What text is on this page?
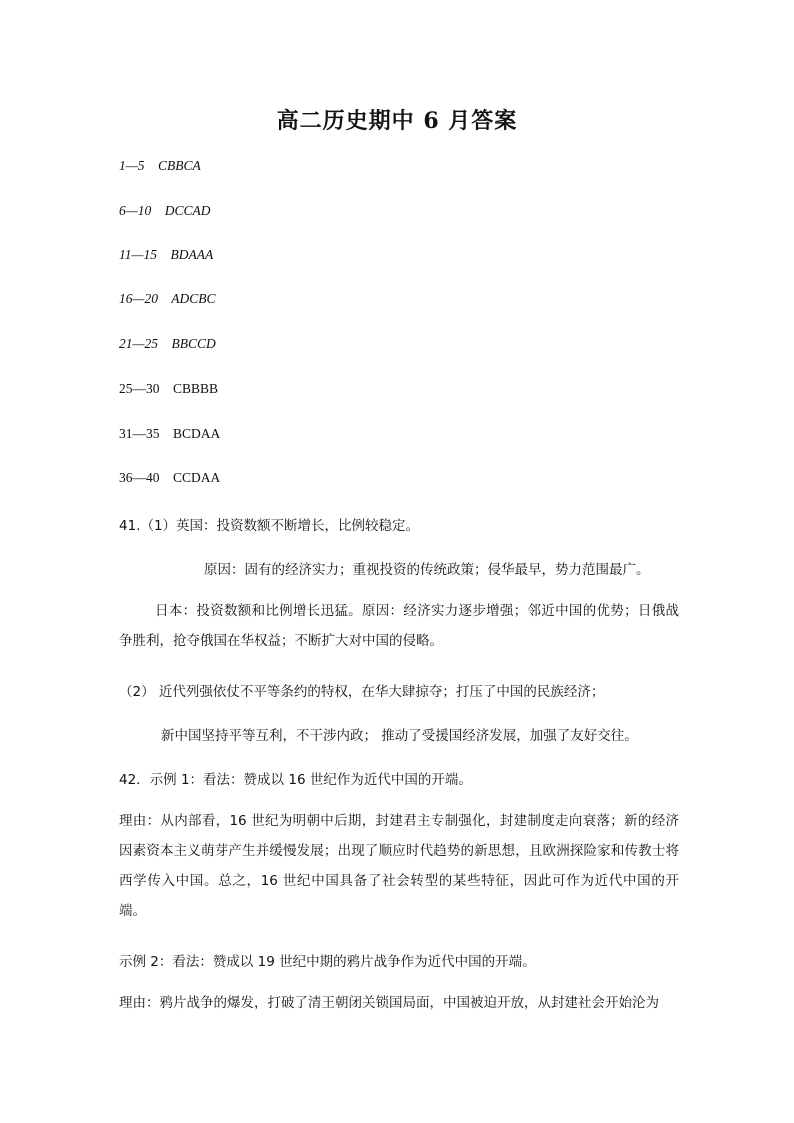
高二历史期中 6 月答案
1—5    CBBCA
6—10    DCCAD
11—15    BDAAA
16—20    ADCBC
21—25    BBCCD
25—30    CBBBB
31—35    BCDAA
36—40    CCDAA
41.（1）英国：投资数额不断增长，比例较稳定。
原因：固有的经济实力；重视投资的传统政策；侵华最早，势力范围最广。
日本：投资数额和比例增长迅猛。原因：经济实力逐步增强；邻近中国的优势；日俄战争胜利，抢夺俄国在华权益；不断扩大对中国的侵略。
（2） 近代列强依仗不平等条约的特权，在华大肆掠夺；打压了中国的民族经济；
新中国坚持平等互利，不干涉内政； 推动了受援国经济发展，加强了友好交往。
42．示例 1：看法：赞成以 16 世纪作为近代中国的开端。
理由：从内部看，16 世纪为明朝中后期，封建君主专制强化，封建制度走向衰落；新的经济因素资本主义萌芽产生并缓慢发展；出现了顺应时代趋势的新思想，且欧洲探险家和传教士将西学传入中国。总之，16 世纪中国具备了社会转型的某些特征，因此可作为近代中国的开端。
示例 2：看法：赞成以 19 世纪中期的鸦片战争作为近代中国的开端。
理由：鸦片战争的爆发，打破了清王朝闭关锁国局面，中国被迫开放，从封建社会开始沦为
